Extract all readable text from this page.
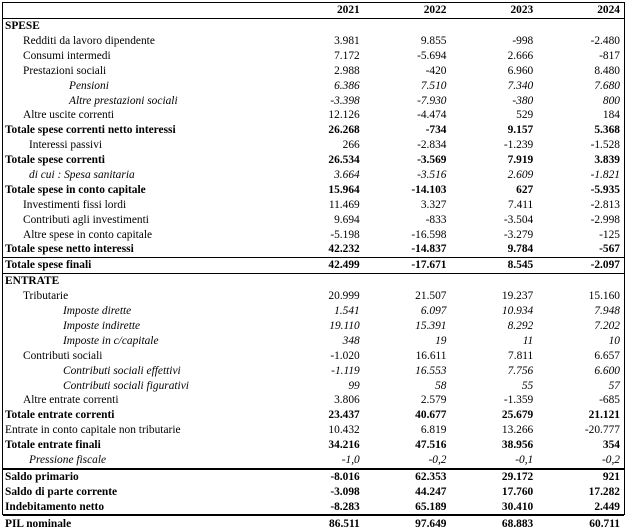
	2021	2022	2023	2024
SPESE				
Redditi da lavoro dipendente	3.981	9.855	-998	-2.480
Consumi intermedi	7.172	-5.694	2.666	-817
Prestazioni sociali	2.988	-420	6.960	8.480
Pensioni	6.386	7.510	7.340	7.680
Altre prestazioni sociali	-3.398	-7.930	-380	800
Altre uscite correnti	12.126	-4.474	529	184
Totale spese correnti netto interessi	26.268	-734	9.157	5.368
Interessi passivi	266	-2.834	-1.239	-1.528
Totale spese correnti	26.534	-3.569	7.919	3.839
di cui : Spesa sanitaria	3.664	-3.516	2.609	-1.821
Totale spese in conto capitale	15.964	-14.103	627	-5.935
Investimenti fissi lordi	11.469	3.327	7.411	-2.813
Contributi agli investimenti	9.694	-833	-3.504	-2.998
Altre spese in conto capitale	-5.198	-16.598	-3.279	-125
Totale spese netto interessi	42.232	-14.837	9.784	-567
Totale spese finali	42.499	-17.671	8.545	-2.097
ENTRATE				
Tributarie	20.999	21.507	19.237	15.160
Imposte dirette	1.541	6.097	10.934	7.948
Imposte indirette	19.110	15.391	8.292	7.202
Imposte in c/capitale	348	19	11	10
Contributi sociali	-1.020	16.611	7.811	6.657
Contributi sociali effettivi	-1.119	16.553	7.756	6.600
Contributi sociali figurativi	99	58	55	57
Altre entrate correnti	3.806	2.579	-1.359	-685
Totale entrate correnti	23.437	40.677	25.679	21.121
Entrate in conto capitale non tributarie	10.432	6.819	13.266	-20.777
Totale entrate finali	34.216	47.516	38.956	354
Pressione fiscale	-1,0	-0,2	-0,1	-0,2
Saldo primario	-8.016	62.353	29.172	921
Saldo di parte corrente	-3.098	44.247	17.760	17.282
Indebitamento netto	-8.283	65.189	30.410	2.449
PIL nominale	86.511	97.649	68.883	60.711
